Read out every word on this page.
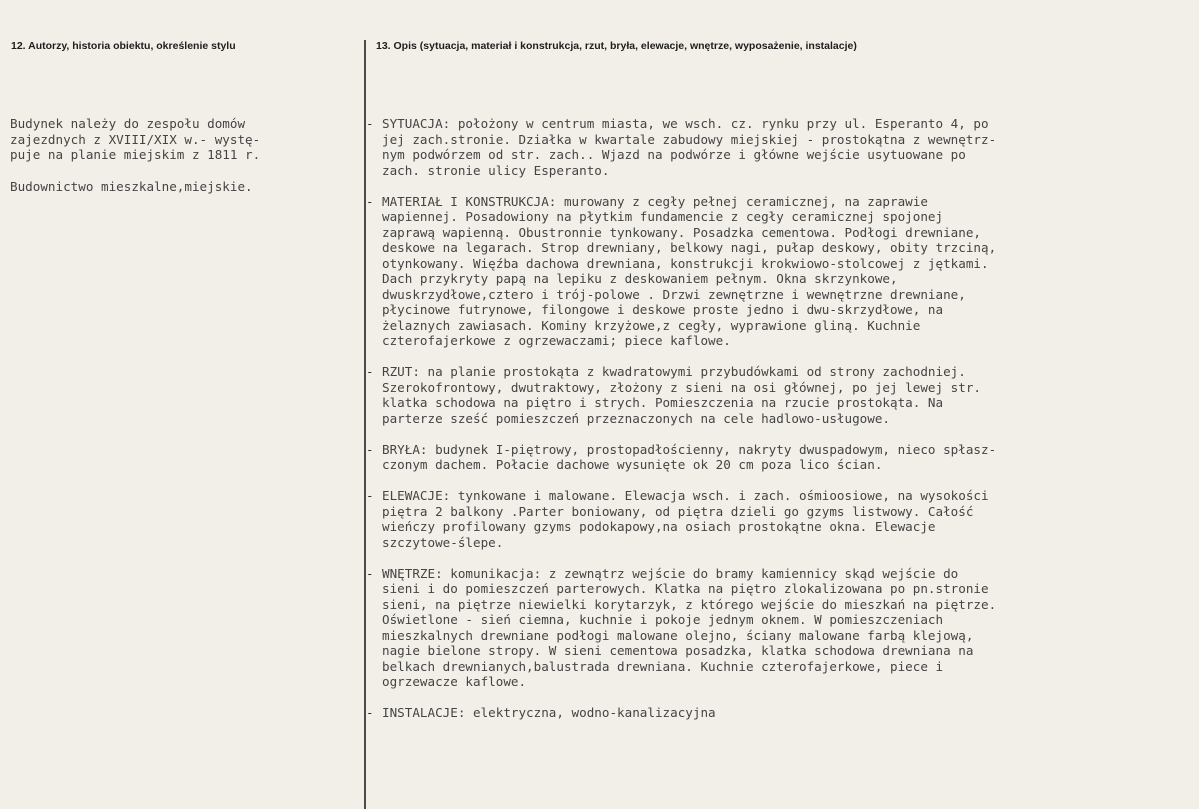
12. Autorzy, historia obiektu, określenie stylu	13. Opis (sytuacja, materiał i konstrukcja, rzut, bryła, elewacje, wnętrze, wyposażenie, instalacje)

Budynek należy do zespołu domów
zajezdnych z XVIII/XIX w.- wystę-
puje na planie miejskim z 1811 r.

Budownictwo mieszkalne,miejskie.

- SYTUACJA: położony w centrum miasta, we wsch. cz. rynku przy ul. Esperanto 4, po
jej zach.stronie. Działka w kwartale zabudowy miejskiej - prostokątna z wewnętrz-
nym podwórzem od str. zach.. Wjazd na podwórze i główne wejście usytuowane po
zach. stronie ulicy Esperanto.
- MATERIAŁ I KONSTRUKCJA: murowany z cegły pełnej ceramicznej, na zaprawie
wapiennej. Posadowiony na płytkim fundamencie z cegły ceramicznej spojonej
zaprawą wapienną. Obustronnie tynkowany. Posadzka cementowa. Podłogi drewniane,
deskowe na legarach. Strop drewniany, belkowy nagi, pułap deskowy, obity trzciną,
otynkowany. Więźba dachowa drewniana, konstrukcji krokwiowo-stolcowej z jętkami.
Dach przykryty papą na lepiku z deskowaniem pełnym. Okna skrzynkowe,
dwuskrzydłowe,cztero i trój-polowe . Drzwi zewnętrzne i wewnętrzne drewniane,
płycinowe futrynowe, filongowe i deskowe proste jedno i dwu-skrzydłowe, na
żelaznych zawiasach. Kominy krzyżowe,z cegły, wyprawione gliną. Kuchnie
czterofajerkowe z ogrzewaczami; piece kaflowe.
- RZUT: na planie prostokąta z kwadratowymi przybudówkami od strony zachodniej.
Szerokofrontowy, dwutraktowy, złożony z sieni na osi głównej, po jej lewej str.
klatka schodowa na piętro i strych. Pomieszczenia na rzucie prostokąta. Na
parterze sześć pomieszczeń przeznaczonych na cele hadlowo-usługowe.
- BRYŁA: budynek I-piętrowy, prostopadłościenny, nakryty dwuspadowym, nieco spłasz-
czonym dachem. Połacie dachowe wysunięte ok 20 cm poza lico ścian.
- ELEWACJE: tynkowane i malowane. Elewacja wsch. i zach. ośmioosiowe, na wysokości
piętra 2 balkony .Parter boniowany, od piętra dzieli go gzyms listwowy. Całość
wieńczy profilowany gzyms podokapowy,na osiach prostokątne okna. Elewacje
szczytowe-ślepe.
- WNĘTRZE: komunikacja: z zewnątrz wejście do bramy kamiennicy skąd wejście do
sieni i do pomieszczeń parterowych. Klatka na piętro zlokalizowana po pn.stronie
sieni, na piętrze niewielki korytarzyk, z którego wejście do mieszkań na piętrze.
Oświetlone - sień ciemna, kuchnie i pokoje jednym oknem. W pomieszczeniach
mieszkalnych drewniane podłogi malowane olejno, ściany malowane farbą klejową,
nagie bielone stropy. W sieni cementowa posadzka, klatka schodowa drewniana na
belkach drewnianych,balustrada drewniana. Kuchnie czterofajerkowe, piece i
ogrzewacze kaflowe.
- INSTALACJE: elektryczna, wodno-kanalizacyjna
